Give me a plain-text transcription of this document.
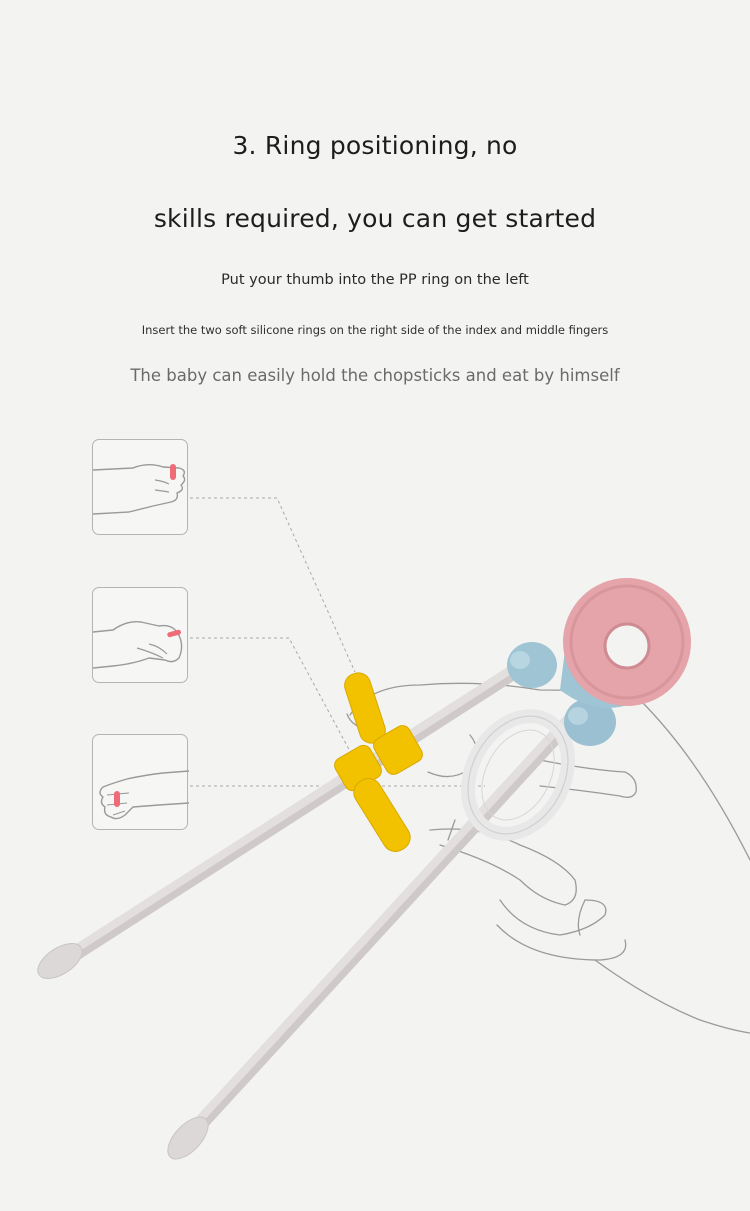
3. Ring positioning, no
skills required, you can get started
Put your thumb into the PP ring on the left
Insert the two soft silicone rings on the right side of the index and middle fingers
The baby can easily hold the chopsticks and eat by himself
